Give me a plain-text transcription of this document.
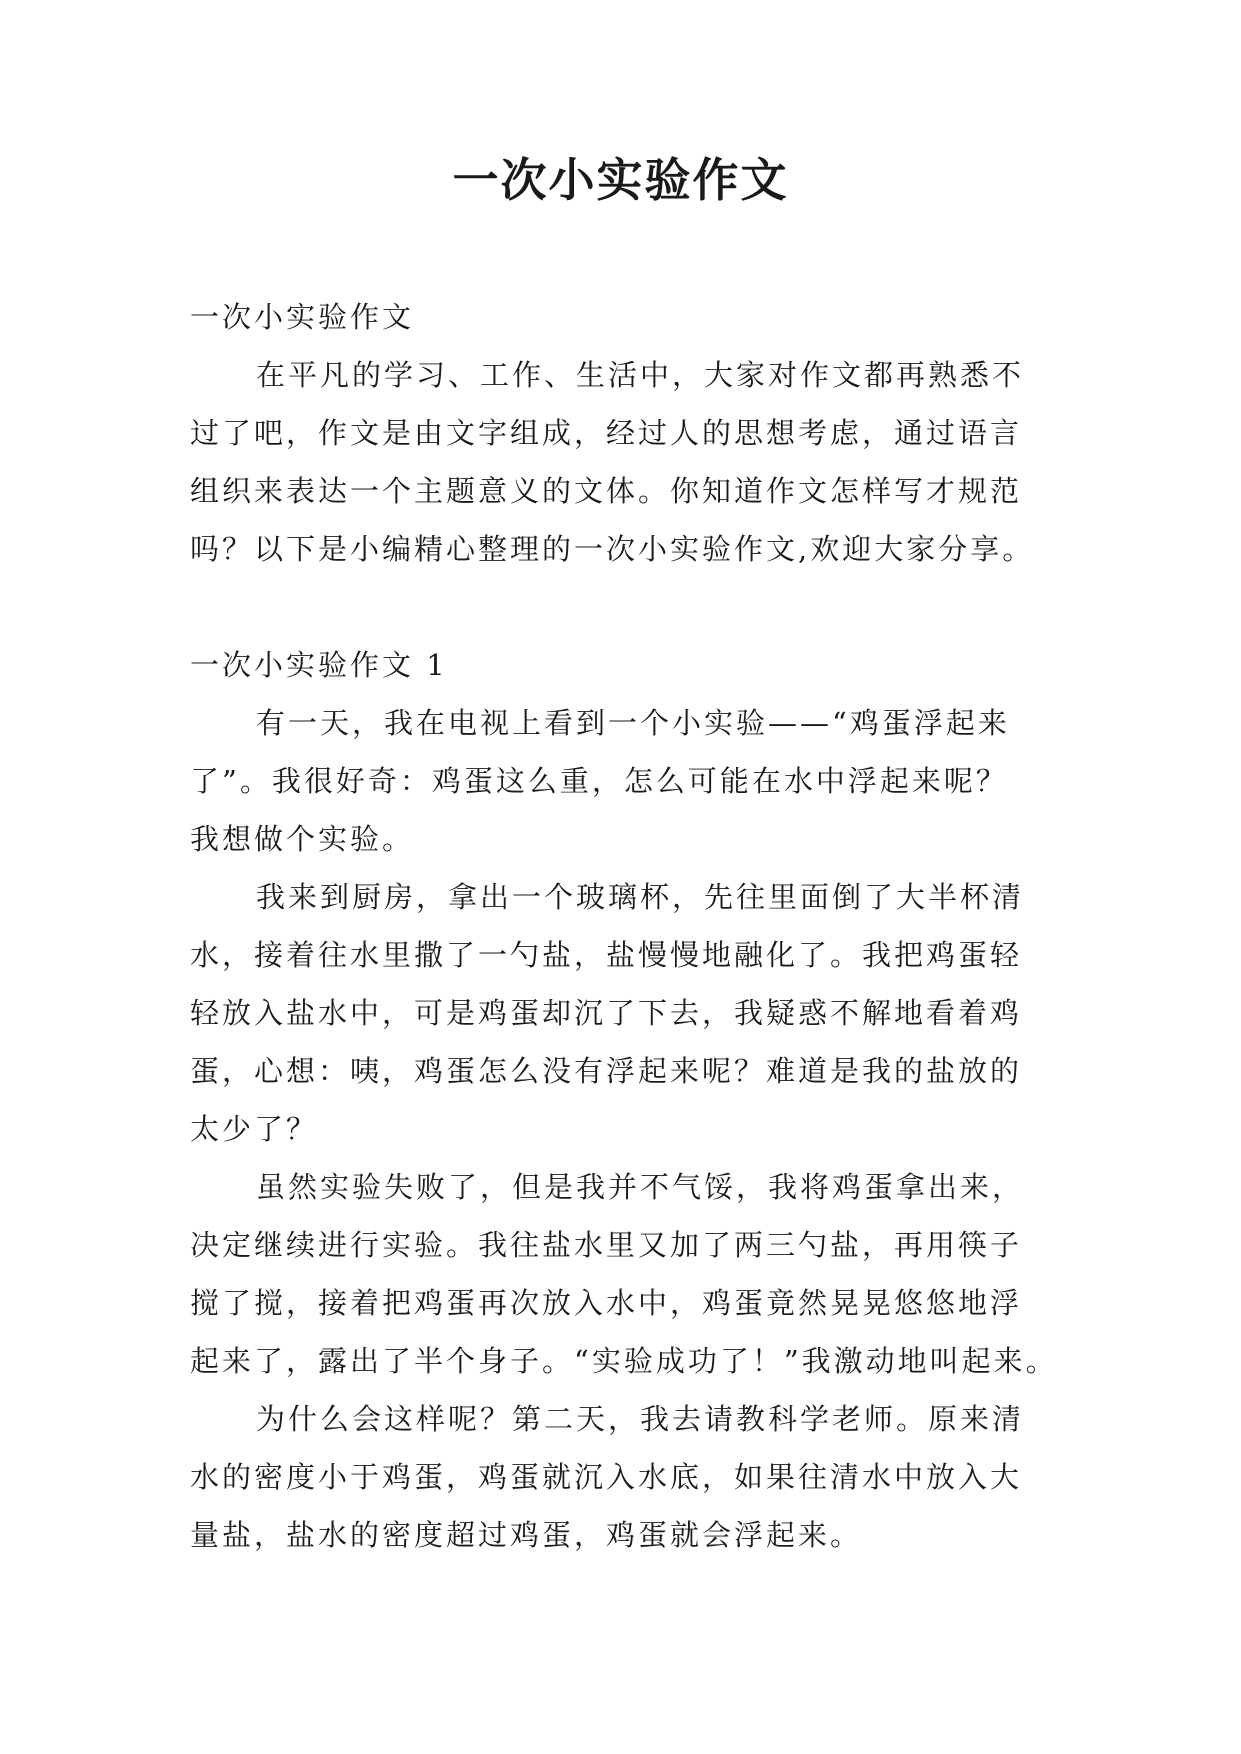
一次小实验作文
一次小实验作文
在平凡的学习、工作、生活中，大家对作文都再熟悉不
过了吧，作文是由文字组成，经过人的思想考虑，通过语言
组织来表达一个主题意义的文体。你知道作文怎样写才规范
吗？以下是小编精心整理的一次小实验作文,欢迎大家分享。
一次小实验作文 1
有一天，我在电视上看到一个小实验——“鸡蛋浮起来
了”。我很好奇：鸡蛋这么重，怎么可能在水中浮起来呢？
我想做个实验。
我来到厨房，拿出一个玻璃杯，先往里面倒了大半杯清
水，接着往水里撒了一勺盐，盐慢慢地融化了。我把鸡蛋轻
轻放入盐水中，可是鸡蛋却沉了下去，我疑惑不解地看着鸡
蛋，心想：咦，鸡蛋怎么没有浮起来呢？难道是我的盐放的
太少了？
虽然实验失败了，但是我并不气馁，我将鸡蛋拿出来，
决定继续进行实验。我往盐水里又加了两三勺盐，再用筷子
搅了搅，接着把鸡蛋再次放入水中，鸡蛋竟然晃晃悠悠地浮
起来了，露出了半个身子。“实验成功了！”我激动地叫起来。
为什么会这样呢？第二天，我去请教科学老师。原来清
水的密度小于鸡蛋，鸡蛋就沉入水底，如果往清水中放入大
量盐，盐水的密度超过鸡蛋，鸡蛋就会浮起来。
